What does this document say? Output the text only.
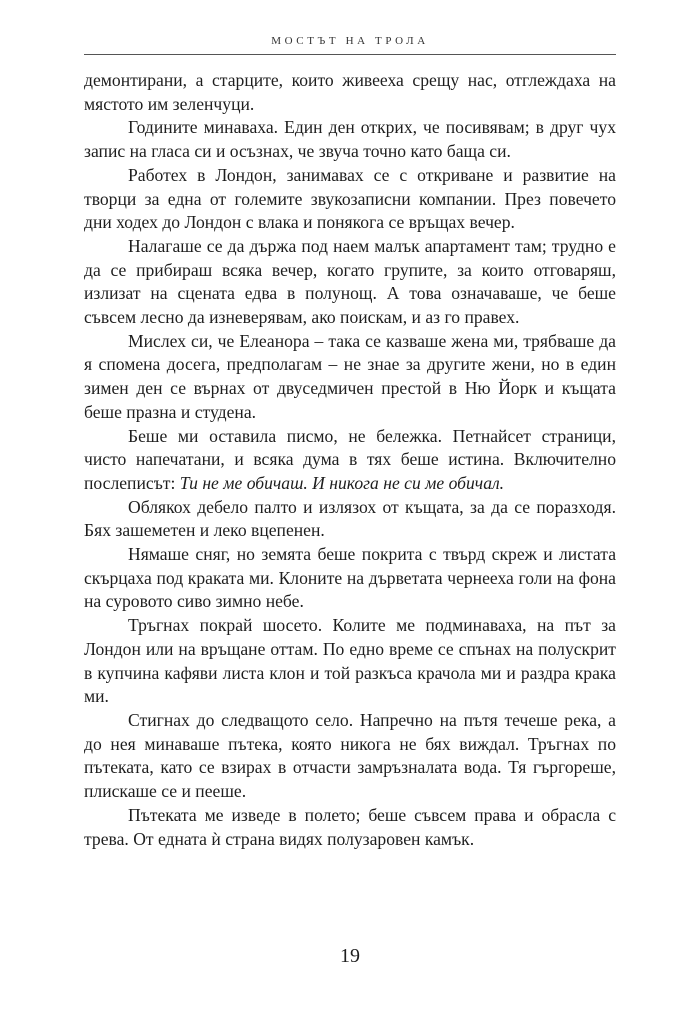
МОСТЪТ НА ТРОЛА

демонтирани, а старците, които живееха срещу нас, отглеждаха на мястото им зеленчуци.

Годините минаваха. Един ден открих, че посивявам; в друг чух запис на гласа си и осъзнах, че звуча точно като баща си.

Работех в Лондон, занимавах се с откриване и развитие на творци за една от големите звукозаписни компании. През повечето дни ходех до Лондон с влака и понякога се връщах вечер.

Налагаше се да държа под наем малък апартамент там; трудно е да се прибираш всяка вечер, когато групите, за които отговаряш, излизат на сцената едва в полунощ. А това означаваше, че беше съвсем лесно да изневерявам, ако поискам, и аз го правех.

Мислех си, че Елеанора – така се казваше жена ми, трябваше да я спомена досега, предполагам – не знае за другите жени, но в един зимен ден се върнах от двуседмичен престой в Ню Йорк и къщата беше празна и студена.

Беше ми оставила писмо, не бележка. Петнайсет страници, чисто напечатани, и всяка дума в тях беше истина. Включително послеписът: Ти не ме обичаш. И никога не си ме обичал.

Облякох дебело палто и излязох от къщата, за да се поразходя. Бях зашеметен и леко вцепенен.

Нямаше сняг, но земята беше покрита с твърд скреж и листата скърцаха под краката ми. Клоните на дърветата чернееха голи на фона на суровото сиво зимно небе.

Тръгнах покрай шосето. Колите ме подминаваха, на път за Лондон или на връщане оттам. По едно време се спънах на полускрит в купчина кафяви листа клон и той разкъса крачола ми и раздра крака ми.

Стигнах до следващото село. Напречно на пътя течеше река, а до нея минаваше пътека, която никога не бях виждал. Тръгнах по пътеката, като се взирах в отчасти замръзналата вода. Тя гъргореше, плискаше се и пееше.

Пътеката ме изведе в полето; беше съвсем права и обрасла с трева. От едната ѝ страна видях полузаровен камък.

19
